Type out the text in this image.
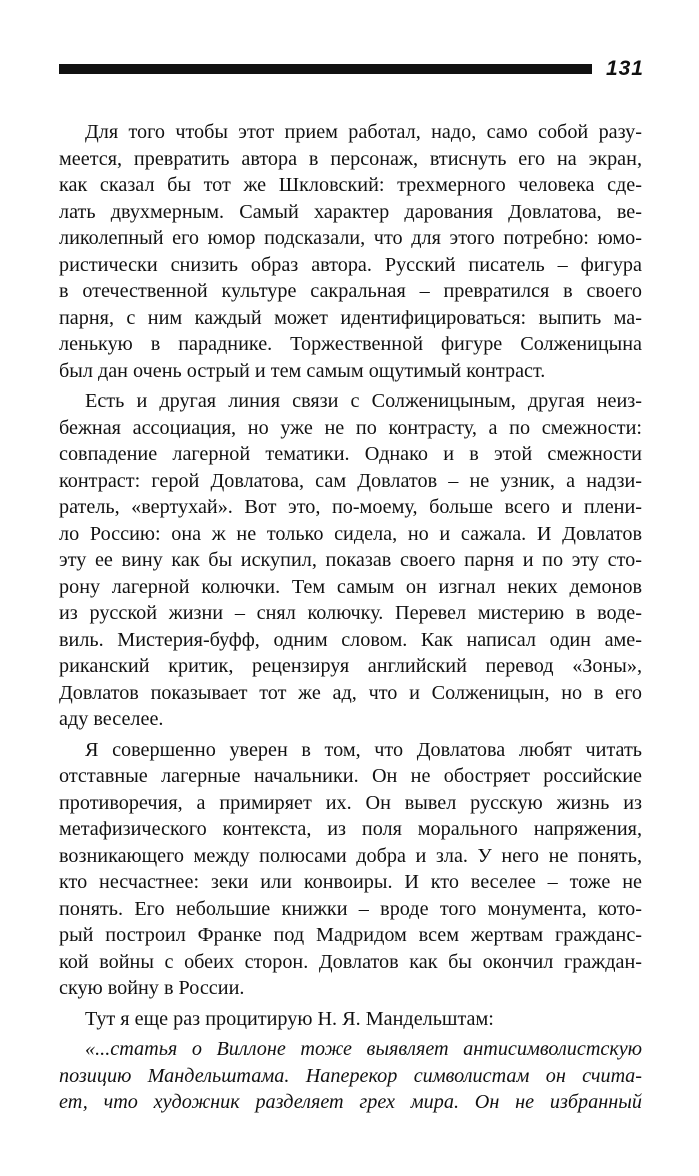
131
Для того чтобы этот прием работал, надо, само собой разу-
меется, превратить автора в персонаж, втиснуть его на экран,
как сказал бы тот же Шкловский: трехмерного человека сде-
лать двухмерным. Самый характер дарования Довлатова, ве-
ликолепный его юмор подсказали, что для этого потребно: юмо-
ристически снизить образ автора. Русский писатель – фигура
в отечественной культуре сакральная – превратился в своего
парня, с ним каждый может идентифицироваться: выпить ма-
ленькую в параднике. Торжественной фигуре Солженицына
был дан очень острый и тем самым ощутимый контраст.
Есть и другая линия связи с Солженицыным, другая неиз-
бежная ассоциация, но уже не по контрасту, а по смежности:
совпадение лагерной тематики. Однако и в этой смежности
контраст: герой Довлатова, сам Довлатов – не узник, а надзи-
ратель, «вертухай». Вот это, по-моему, больше всего и плени-
ло Россию: она ж не только сидела, но и сажала. И Довлатов
эту ее вину как бы искупил, показав своего парня и по эту сто-
рону лагерной колючки. Тем самым он изгнал неких демонов
из русской жизни – снял колючку. Перевел мистерию в воде-
виль. Мистерия-буфф, одним словом. Как написал один аме-
риканский критик, рецензируя английский перевод «Зоны»,
Довлатов показывает тот же ад, что и Солженицын, но в его
аду веселее.
Я совершенно уверен в том, что Довлатова любят читать
отставные лагерные начальники. Он не обостряет российские
противоречия, а примиряет их. Он вывел русскую жизнь из
метафизического контекста, из поля морального напряжения,
возникающего между полюсами добра и зла. У него не понять,
кто несчастнее: зеки или конвоиры. И кто веселее – тоже не
понять. Его небольшие книжки – вроде того монумента, кото-
рый построил Франке под Мадридом всем жертвам гражданс-
кой войны с обеих сторон. Довлатов как бы окончил граждан-
скую войну в России.
Тут я еще раз процитирую Н. Я. Мандельштам:
«...статья о Виллоне тоже выявляет антисимволистскую
позицию Мандельштама. Наперекор символистам он считa-
ет, что художник разделяет грех мира. Он не избранный
